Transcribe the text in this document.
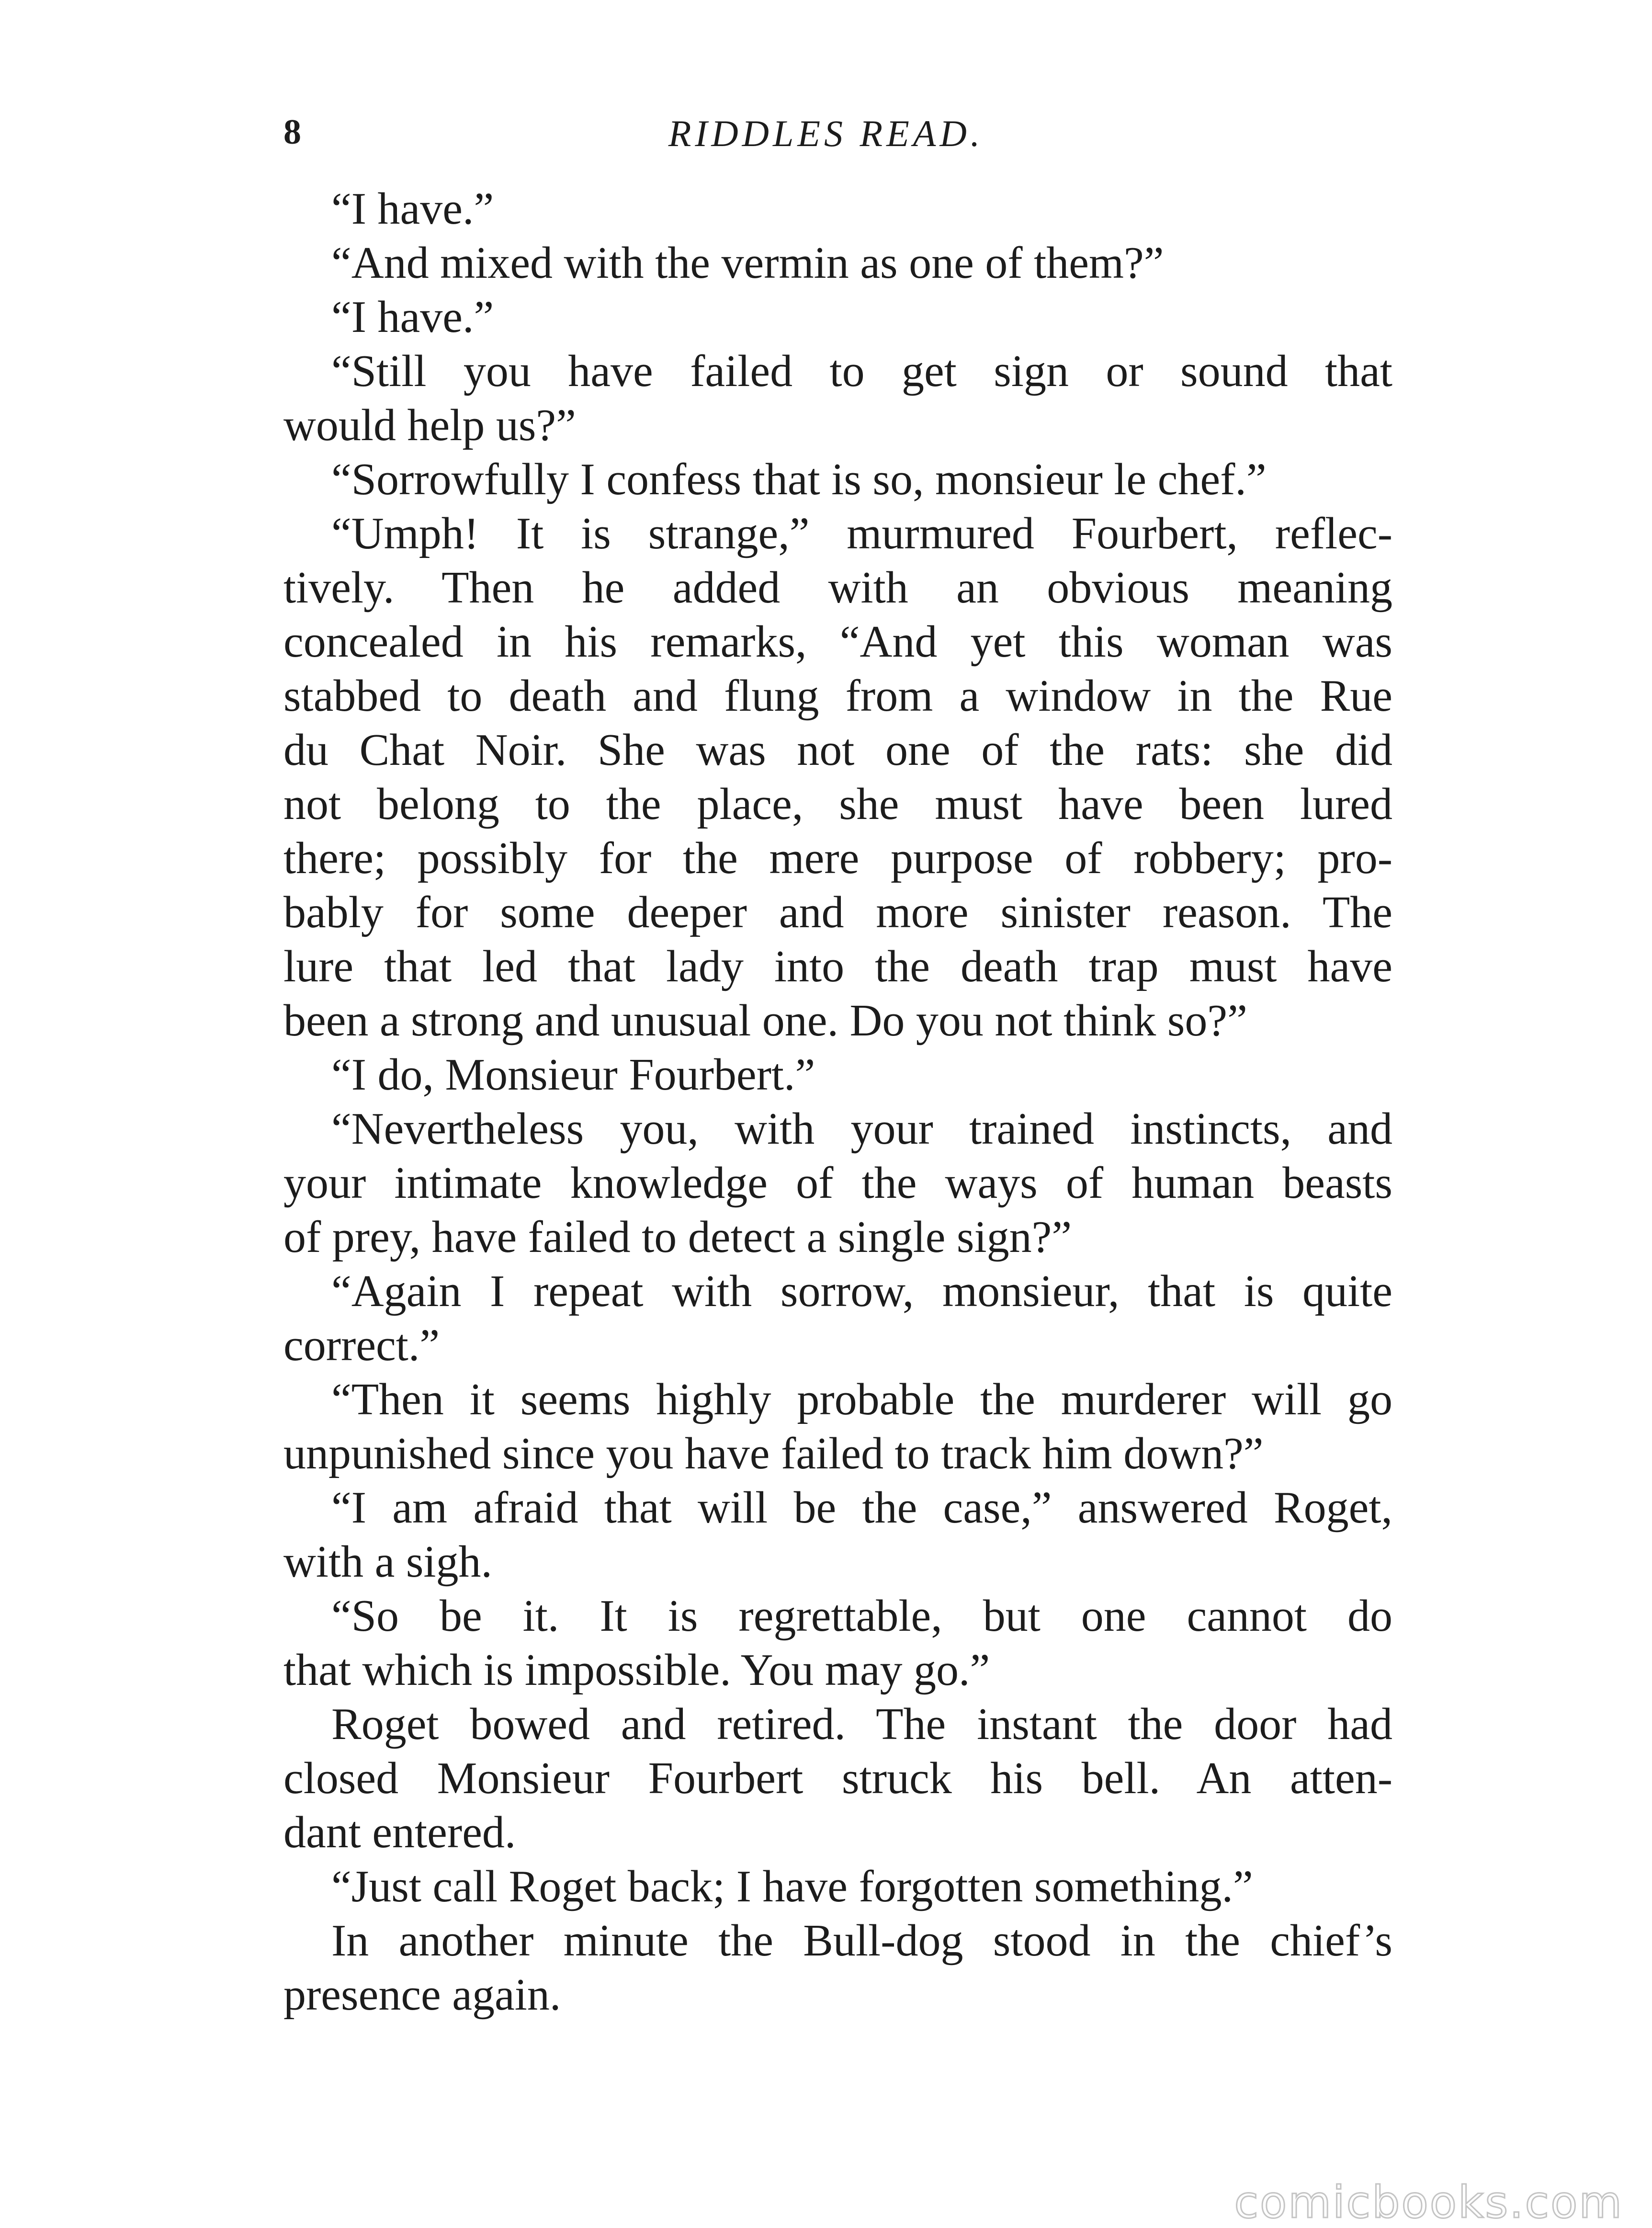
8	RIDDLES READ.
“I have.”
“And mixed with the vermin as one of them?”
“I have.”
“Still you have failed to get sign or sound that
would help us?”
“Sorrowfully I confess that is so, monsieur le chef.”
“Umph! It is strange,” murmured Fourbert, reflec-
tively. Then he added with an obvious meaning
concealed in his remarks, “And yet this woman was
stabbed to death and flung from a window in the Rue
du Chat Noir. She was not one of the rats: she did
not belong to the place, she must have been lured
there; possibly for the mere purpose of robbery; pro-
bably for some deeper and more sinister reason. The
lure that led that lady into the death trap must have
been a strong and unusual one. Do you not think so?”
“I do, Monsieur Fourbert.”
“Nevertheless you, with your trained instincts, and
your intimate knowledge of the ways of human beasts
of prey, have failed to detect a single sign?”
“Again I repeat with sorrow, monsieur, that is quite
correct.”
“Then it seems highly probable the murderer will go
unpunished since you have failed to track him down?”
“I am afraid that will be the case,” answered Roget,
with a sigh.
“So be it. It is regrettable, but one cannot do
that which is impossible. You may go.”
Roget bowed and retired. The instant the door had
closed Monsieur Fourbert struck his bell. An atten-
dant entered.
“Just call Roget back; I have forgotten something.”
In another minute the Bull-dog stood in the chief’s
presence again.
comicbooks.com
